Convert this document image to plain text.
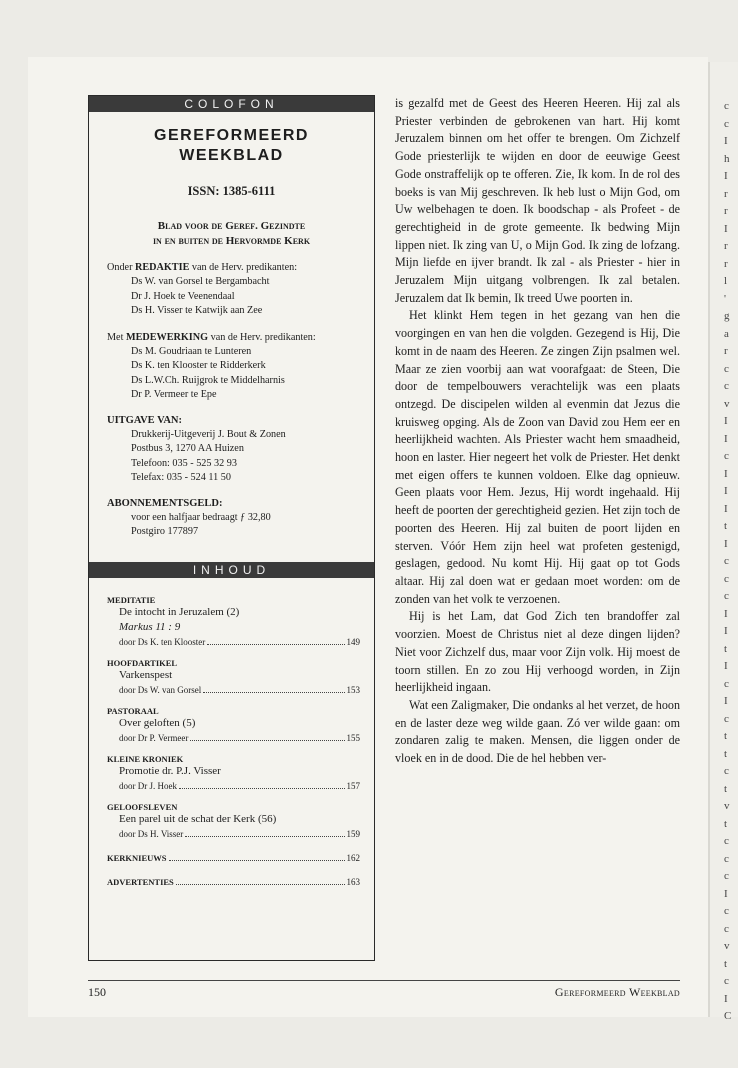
c
c
I
h
I
r
r
I
r
r
l
'
g
a
r
c
c
v
I
I
c
I
I
I
t
I
c
c
c
I
I
t
I
c
I
c
t
t
c
t
v
t
c
c
c
I
c
c
v
t
c
I
C
COLOFON
GEREFORMEERD
WEEKBLAD
ISSN: 1385-6111
Blad voor de Geref. Gezindte
in en buiten de Hervormde Kerk
Onder REDAKTIE van de Herv. predikanten:
Ds W. van Gorsel te Bergambacht
Dr J. Hoek te Veenendaal
Ds H. Visser te Katwijk aan Zee
Met MEDEWERKING van de Herv. predikanten:
Ds M. Goudriaan te Lunteren
Ds K. ten Klooster te Ridderkerk
Ds L.W.Ch. Ruijgrok te Middelharnis
Dr P. Vermeer te Epe
UITGAVE VAN:
Drukkerij-Uitgeverij J. Bout & Zonen
Postbus 3, 1270 AA Huizen
Telefoon: 035 - 525 32 93
Telefax: 035 - 524 11 50
ABONNEMENTSGELD:
voor een halfjaar bedraagt ƒ 32,80
Postgiro 177897
INHOUD
MEDITATIE
De intocht in Jeruzalem (2)
Markus 11 : 9
door Ds K. ten Klooster	149
HOOFDARTIKEL
Varkenspest
door Ds W. van Gorsel	153
PASTORAAL
Over geloften (5)
door Dr P. Vermeer	155
KLEINE KRONIEK
Promotie dr. P.J. Visser
door Dr J. Hoek	157
GELOOFSLEVEN
Een parel uit de schat der Kerk (56)
door Ds H. Visser	159
KERKNIEUWS	162
ADVERTENTIES	163

is gezalfd met de Geest des Heeren Heeren. Hij zal als Priester verbinden de gebrokenen van hart. Hij komt Jeruzalem binnen om het offer te brengen. Om Zichzelf Gode priesterlijk te wijden en door de eeuwige Geest Gode onstraffelijk op te offeren. Zie, Ik kom. In de rol des boeks is van Mij geschreven. Ik heb lust o Mijn God, om Uw welbehagen te doen. Ik boodschap - als Profeet - de gerechtigheid in de grote gemeente. Ik bedwing Mijn lippen niet. Ik zing van U, o Mijn God. Ik zing de lofzang. Mijn liefde en ijver brandt. Ik zal - als Priester - hier in Jeruzalem Mijn uitgang volbrengen. Ik zal betalen. Jeruzalem dat Ik bemin, Ik treed Uwe poorten in.

Het klinkt Hem tegen in het gezang van hen die voorgingen en van hen die volgden. Gezegend is Hij, Die komt in de naam des Heeren. Ze zingen Zijn psalmen wel. Maar ze zien voorbij aan wat voorafgaat: de Steen, Die door de tempelbouwers verachtelijk was een plaats ontzegd. De discipelen wilden al evenmin dat Jezus die kruisweg opging. Als de Zoon van David zou Hem eer en heerlijkheid wachten. Als Priester wacht hem smaadheid, hoon en laster. Hier negeert het volk de Priester. Het denkt met eigen offers te kunnen voldoen. Elke dag opnieuw. Geen plaats voor Hem. Jezus, Hij wordt ingehaald. Hij heeft de poorten der gerechtigheid gezien. Het zijn toch de poorten des Heeren. Hij zal buiten de poort lijden en sterven. Vóór Hem zijn heel wat profeten gestenigd, geslagen, gedood. Nu komt Hij. Hij gaat op tot Gods altaar. Hij zal doen wat er gedaan moet worden: om de zonden van het volk te verzoenen.

Hij is het Lam, dat God Zich ten brandoffer zal voorzien. Moest de Christus niet al deze dingen lijden? Niet voor Zichzelf dus, maar voor Zijn volk. Hij moest de toorn stillen. En zo zou Hij verhoogd worden, in Zijn heerlijkheid ingaan.

Wat een Zaligmaker, Die ondanks al het verzet, de hoon en de laster deze weg wilde gaan. Zó ver wilde gaan: om zondaren zalig te maken. Mensen, die liggen onder de vloek en in de dood. Die de hel hebben ver-

150	Gereformeerd Weekblad
